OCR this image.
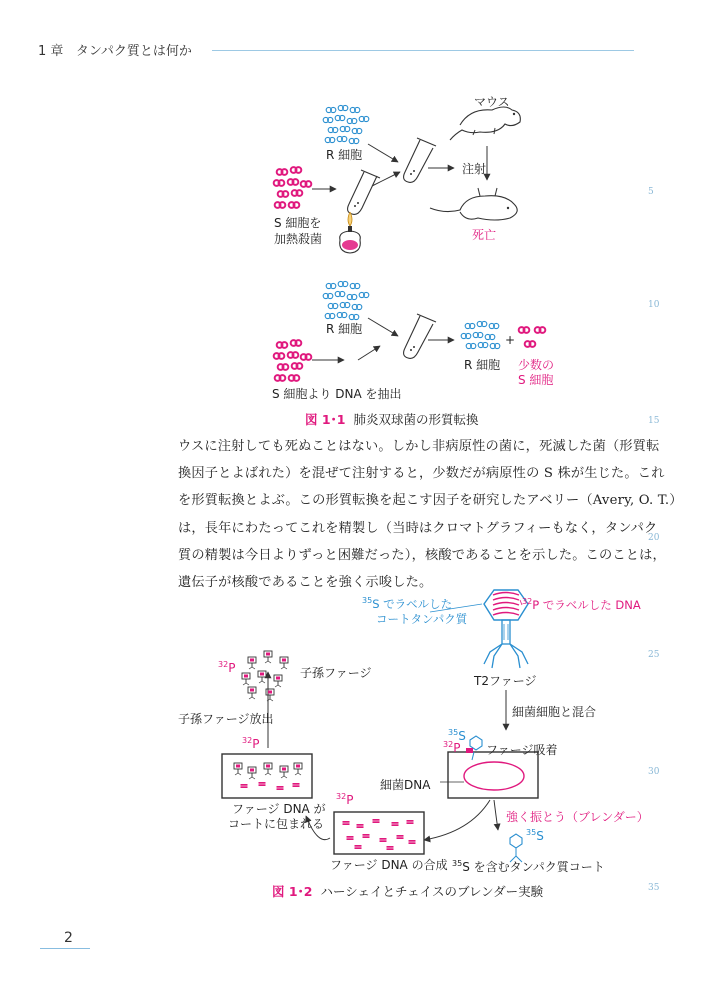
1 章 タンパク質とは何か
5
10
15
20
25
30
35
R 細胞
S 細胞を
加熱殺菌
マウス
注射
死亡
R 細胞
S 細胞より DNA を抽出
R 細胞
+
少数の
S 細胞
図 1･1 肺炎双球菌の形質転換

ウスに注射しても死ぬことはない。しかし非病原性の菌に，死滅した菌（形質転

換因子とよばれた）を混ぜて注射すると，少数だが病原性の S 株が生じた。これ

を形質転換とよぶ。この形質転換を起こす因子を研究したアベリー（Avery, O. T.）

は，長年にわたってこれを精製し（当時はクロマトグラフィーもなく，タンパク

質の精製は今日よりずっと困難だった），核酸であることを示した。このことは，

遺伝子が核酸であることを強く示唆した。

$^{35}$S でラベルした
コートタンパク質
$^{32}$P でラベルした DNA
T2ファージ
細菌細胞と混合
$^{35}$S
$^{32}$P ファージ吸着
細菌DNA
強く振とう（ブレンダー）
$^{35}$S
$^{35}$S を含むタンパク質コート
ファージ DNA の合成
$^{32}$P
ファージ DNA が
コートに包まれる
$^{32}$P
子孫ファージ放出
$^{32}$P	子孫ファージ
図 1･2 ハーシェイとチェイスのブレンダー実験
2
